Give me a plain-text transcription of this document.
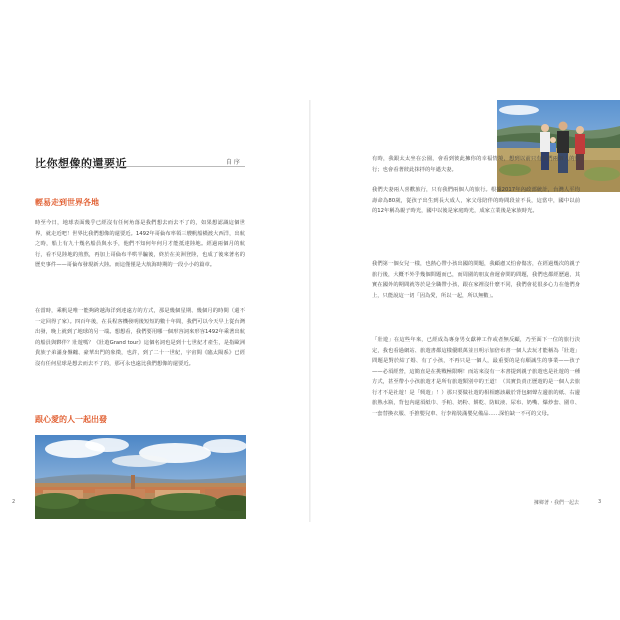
比你想像的還要近	自 序
輕易走到世界各地

時至今日，地球表面幾乎已經沒有任何角落是我們想去而去不了的，如果想認識這個世界，就走近吧！世界比我們想像的還要近。1492年哥倫布率領三艘帆船橫渡大西洋，出航之時，船上有九十幾名船員與水手，他們不知何年何月才能抵達陸地。經過兩個月的航行，看不見陸地的煎熬，再加上哥倫布半哄半騙後，終於在美洲登陸，也成了後來著名的歷史事件——哥倫布發現新大陸。而這僅僅是大航海時期的一段小小的篇章。

在當時，乘帆是唯一能夠跨越海洋到達遠方的方式，那是幾個星期、幾個月的時間（還不一定回得了家）。四百年後，在長程客機發明後短短的數十年間，我們可以今天早上從台灣出發，晚上就到了地球的另一端。想想看，我們要用哪一個形容詞來形容1492年乘著出航的船員與夥伴？壯遊嗎？《壯遊Grand tour》這個名詞也是到十七世紀才產生，是指歐洲貴族子弟滿身盤纏、豪華出門的象徵，也許，到了二十一世紀，宇宙間《臨太陽系》已經沒有任何星球是想去而去不了的，那可永也遠比我們想像的還要近。

跟心愛的人一起出發
2

有時，我跟太太坐在公園，會看到彼此擁你的幸福情境，想到以前只有我們兩個人的旅行；也會看著彼此抹拌的年邁夫妻。

我們夫妻兩人喜歡旅行，只有我們兩個人的旅行。根據2017年內政部統計，台灣人平均壽命為80歲，從孩子出生到長大成人，家父母陪伴的時間段並不長，這當中，國中以前的12年稱為親子時光，國中以後是家庭時光，成家立業後是家族時光。

我們第一個女兒一樣，也熱心帶小孩出國的問題，我顧慮又怕會傷害，在經過幾次的親子旅行後，大概不外乎幾個問題而已，而周圍的朋友會遲會問的問題，我們也都經歷過，其實在國外的期間就等於是全職帶小孩，跟在家裡沒什麼不同，我們會花很多心力在他們身上，只能說這一切「因為愛，所以一起，所以無數」。

「壯遊」在這些年來，已經成為專身男女獻神工作或者無反顧，乃至面下一位的旅行決定，我也看過網站、旅遊書都這樣優眼萬並且明示加倍布書一個人去玩才能稱為「壯遊」問題是對於結了婚、有了小孩，不再只是一個人，最重要的是有願誠生的事業——孩子——必須經營，這簡直是在挑戰極限啊！而站來沒有一本書提到親子旅遊也是社遊的一種方式，甚至帶小小孩旅遊才是所有旅遊類別中的王道！（其實負責正歷遊的是一個人去旅行才不是社遊！是「興遊」！）那只要做社遊的相相應該嚴於背包網聲左邊旅的紙、右邊旅熟水瓶，背包內還須紙巾、手帕、奶粉、餅乾、防蚊液、尿布、奶嘴、爆炒套、圍巾、一套替換衣服、手推嬰兒車、行李箱裝滿嬰兒備品……深怕缺一不可的父母。

擁鄉著・我們一起去	3
